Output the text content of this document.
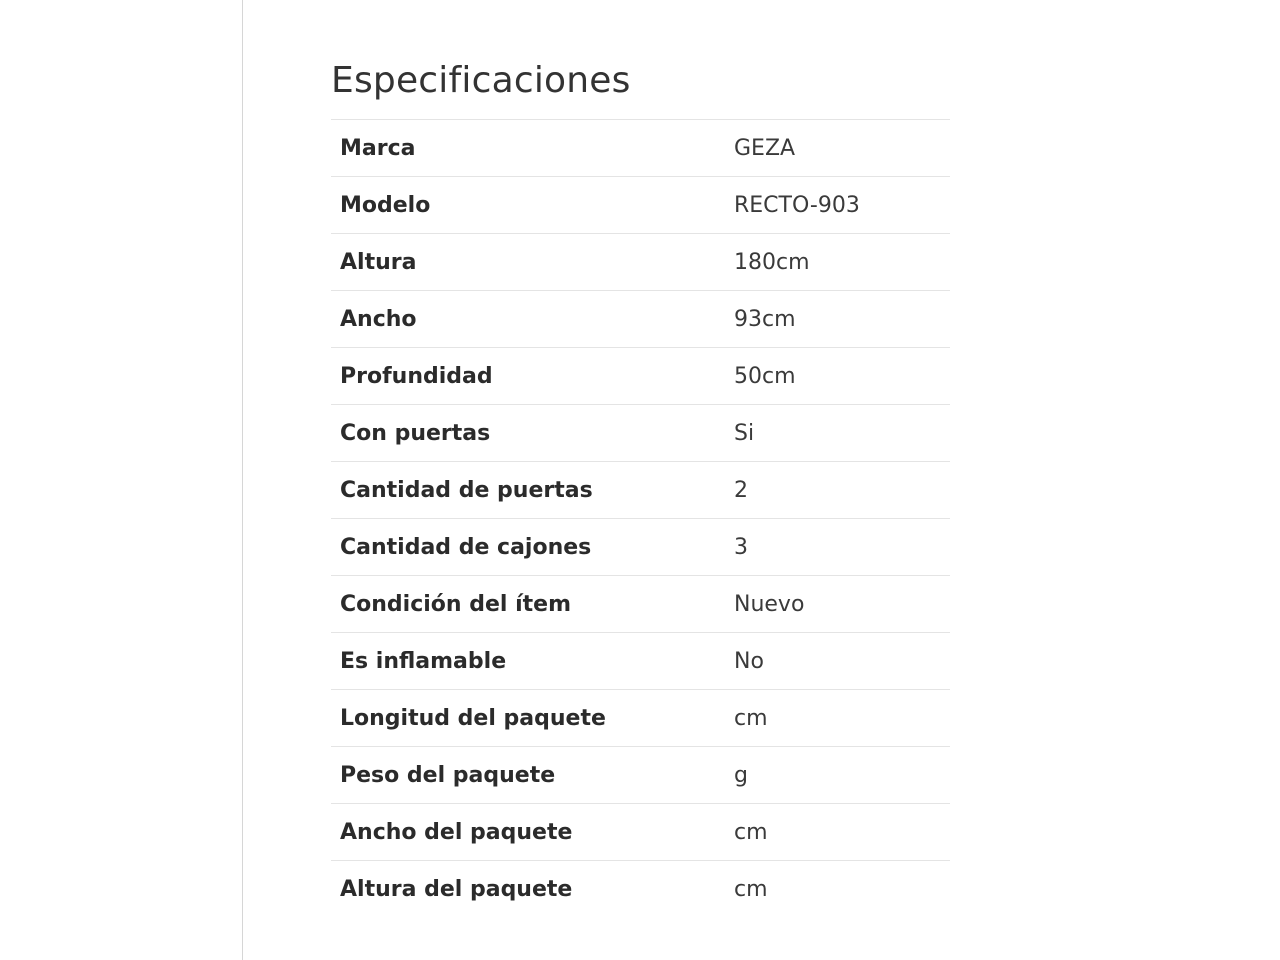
Especificaciones
Marca	GEZA
Modelo	RECTO-903
Altura	180cm
Ancho	93cm
Profundidad	50cm
Con puertas	Si
Cantidad de puertas	2
Cantidad de cajones	3
Condición del ítem	Nuevo
Es inflamable	No
Longitud del paquete	cm
Peso del paquete	g
Ancho del paquete	cm
Altura del paquete	cm
